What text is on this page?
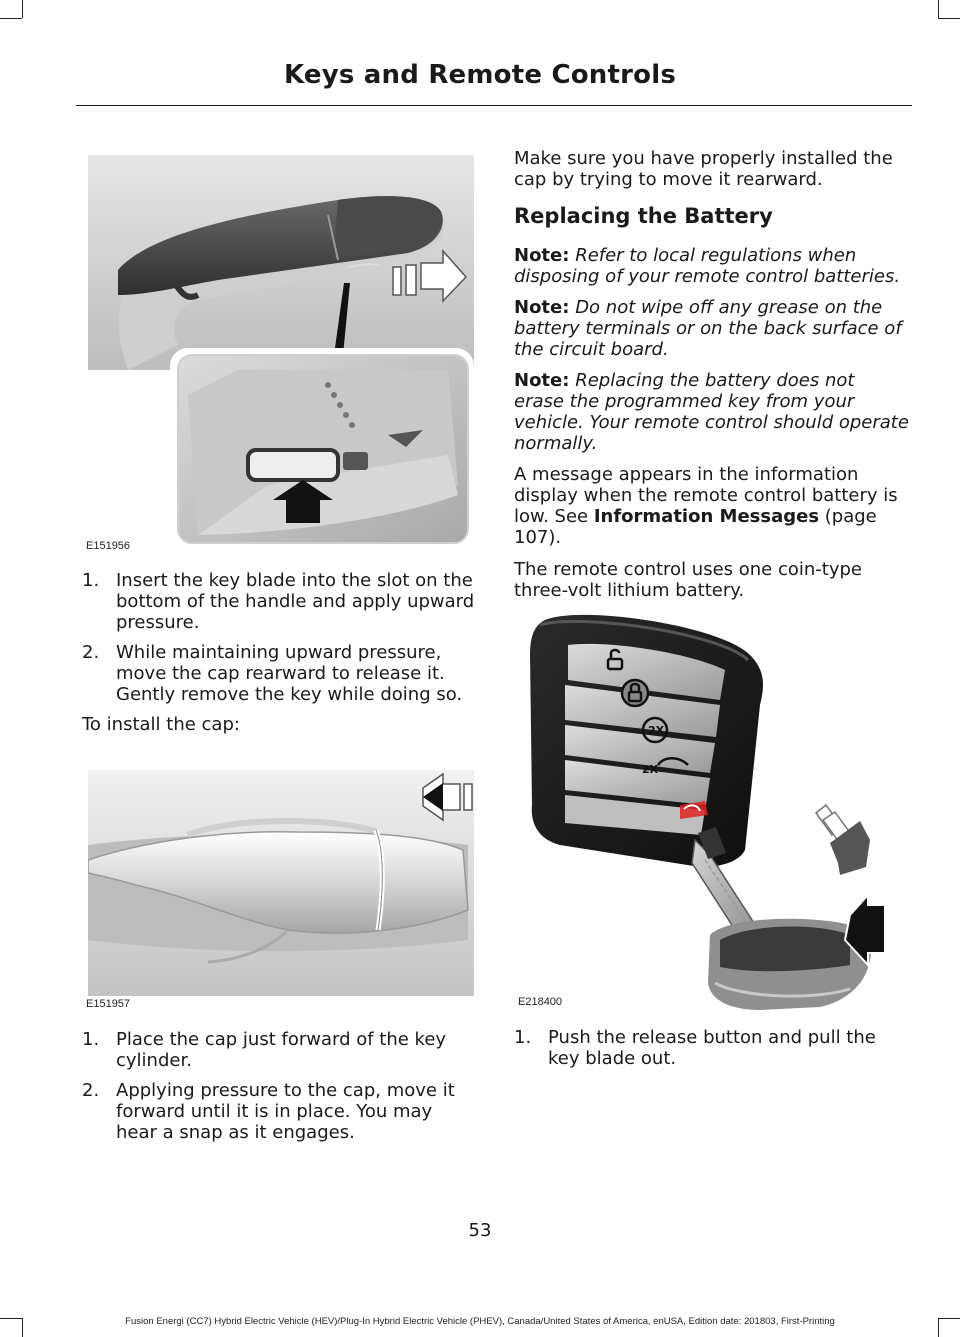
Keys and Remote Controls
E151956
1. Insert the key blade into the slot on the bottom of the handle and apply upward pressure.
2. While maintaining upward pressure, move the cap rearward to release it. Gently remove the key while doing so.
To install the cap:
E151957
1. Place the cap just forward of the key cylinder.
2. Applying pressure to the cap, move it forward until it is in place. You may hear a snap as it engages.

Make sure you have properly installed the cap by trying to move it rearward.

Replacing the Battery

Note: Refer to local regulations when disposing of your remote control batteries.

Note: Do not wipe off any grease on the battery terminals or on the back surface of the circuit board.

Note: Replacing the battery does not erase the programmed key from your vehicle. Your remote control should operate normally.

A message appears in the information display when the remote control battery is low. See Information Messages (page 107).

The remote control uses one coin-type three-volt lithium battery.

2X
2X
E218400
1. Push the release button and pull the key blade out.
53
Fusion Energi (CC7) Hybrid Electric Vehicle (HEV)/Plug-In Hybrid Electric Vehicle (PHEV), Canada/United States of America, enUSA, Edition date: 201803, First-Printing
